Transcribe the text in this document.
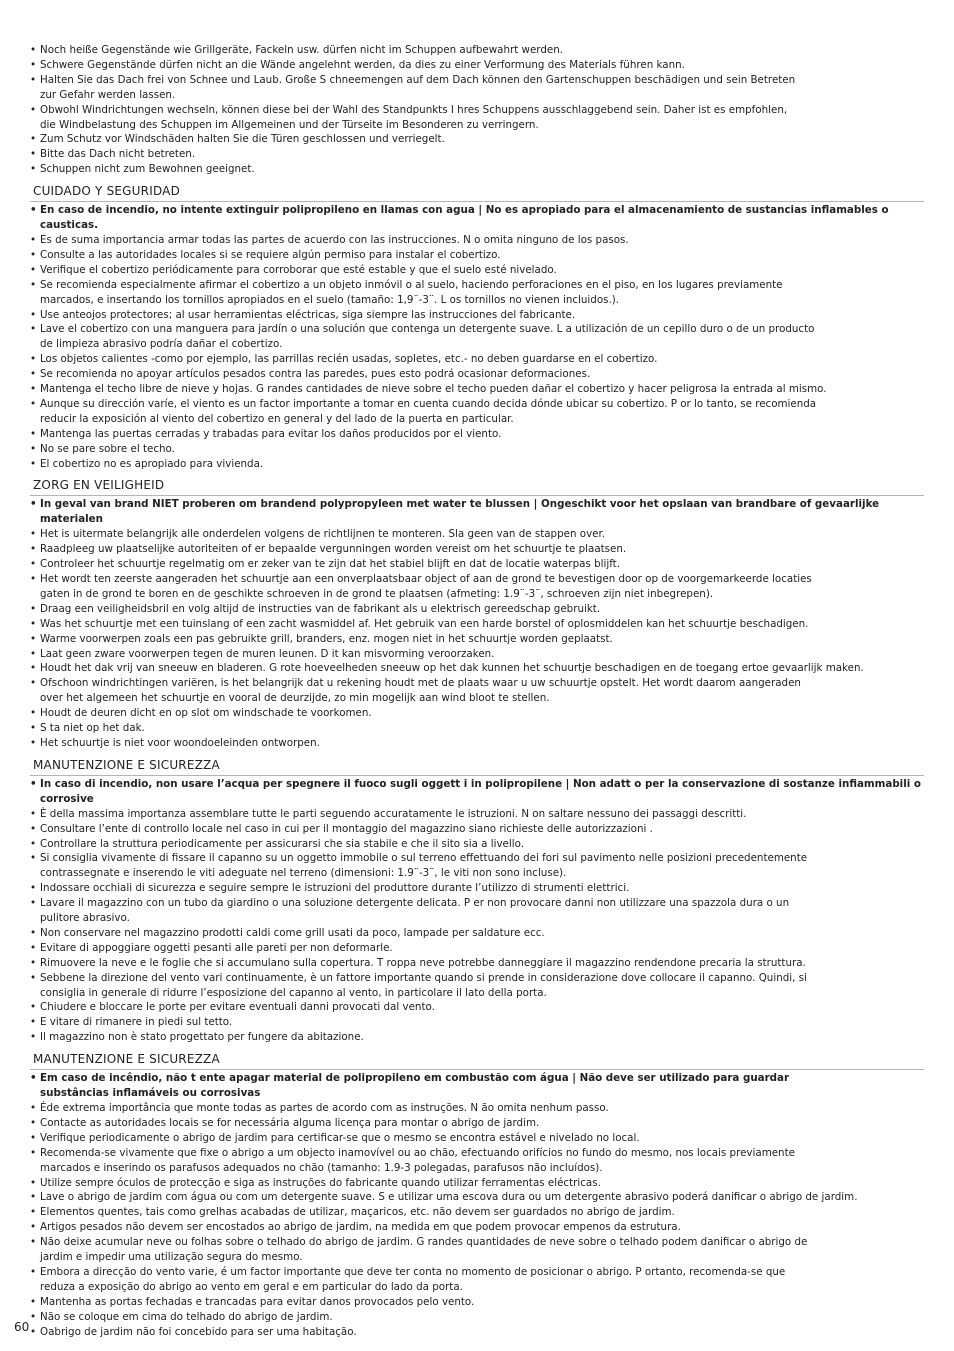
• Noch heiße Gegenstände wie Grillgeräte, Fackeln usw. dürfen nicht im Schuppen aufbewahrt werden.
• Schwere Gegenstände dürfen nicht an die Wände angelehnt werden, da dies zu einer Verformung des Materials führen kann.
• Halten Sie das Dach frei von Schnee und Laub. Große S chneemengen auf dem Dach können den Gartenschuppen beschädigen und sein Betreten
zur Gefahr werden lassen.
• Obwohl Windrichtungen wechseln, können diese bei der Wahl des Standpunkts I hres Schuppens ausschlaggebend sein. Daher ist es empfohlen,
die Windbelastung des Schuppen im Allgemeinen und der Türseite im Besonderen zu verringern.
• Zum Schutz vor Windschäden halten Sie die Türen geschlossen und verriegelt.
• Bitte das Dach nicht betreten.
• Schuppen nicht zum Bewohnen geeignet.
CUIDADO Y SEGURIDAD
• En caso de incendio, no intente extinguir polipropileno en llamas con agua | No es apropiado para el almacenamiento de sustancias inflamables o causticas.
• Es de suma importancia armar todas las partes de acuerdo con las instrucciones. N o omita ninguno de los pasos.
• Consulte a las autoridades locales si se requiere algún permiso para instalar el cobertizo.
• Verifique el cobertizo periódicamente para corroborar que esté estable y que el suelo esté nivelado.
• Se recomienda especialmente afirmar el cobertizo a un objeto inmóvil o al suelo, haciendo perforaciones en el piso, en los lugares previamente
marcados, e insertando los tornillos apropiados en el suelo (tamaño: 1,9¨-3¨. L os tornillos no vienen incluidos.).
• Use anteojos protectores; al usar herramientas eléctricas, siga siempre las instrucciones del fabricante.
• Lave el cobertizo con una manguera para jardín o una solución que contenga un detergente suave. L a utilización de un cepillo duro o de un producto
de limpieza abrasivo podría dañar el cobertizo.
• Los objetos calientes -como por ejemplo, las parrillas recién usadas, sopletes, etc.- no deben guardarse en el cobertizo.
• Se recomienda no apoyar artículos pesados contra las paredes, pues esto podrá ocasionar deformaciones.
• Mantenga el techo libre de nieve y hojas. G randes cantidades de nieve sobre el techo pueden dañar el cobertizo y hacer peligrosa la entrada al mismo.
• Aunque su dirección varíe, el viento es un factor importante a tomar en cuenta cuando decida dónde ubicar su cobertizo. P or lo tanto, se recomienda
reducir la exposición al viento del cobertizo en general y del lado de la puerta en particular.
• Mantenga las puertas cerradas y trabadas para evitar los daños producidos por el viento.
• No se pare sobre el techo.
• El cobertizo no es apropiado para vivienda.
ZORG EN VEILIGHEID
• In geval van brand NIET proberen om brandend polypropyleen met water te blussen | Ongeschikt voor het opslaan van brandbare of gevaarlijke materialen
• Het is uitermate belangrijk alle onderdelen volgens de richtlijnen te monteren. Sla geen van de stappen over.
• Raadpleeg uw plaatselijke autoriteiten of er bepaalde vergunningen worden vereist om het schuurtje te plaatsen.
• Controleer het schuurtje regelmatig om er zeker van te zijn dat het stabiel blijft en dat de locatie waterpas blijft.
• Het wordt ten zeerste aangeraden het schuurtje aan een onverplaatsbaar object of aan de grond te bevestigen door op de voorgemarkeerde locaties
gaten in de grond te boren en de geschikte schroeven in de grond te plaatsen (afmeting: 1.9¨-3¨, schroeven zijn niet inbegrepen).
• Draag een veiligheidsbril en volg altijd de instructies van de fabrikant als u elektrisch gereedschap gebruikt.
• Was het schuurtje met een tuinslang of een zacht wasmiddel af. Het gebruik van een harde borstel of oplosmiddelen kan het schuurtje beschadigen.
• Warme voorwerpen zoals een pas gebruikte grill, branders, enz. mogen niet in het schuurtje worden geplaatst.
• Laat geen zware voorwerpen tegen de muren leunen. D it kan misvorming veroorzaken.
• Houdt het dak vrij van sneeuw en bladeren. G rote hoeveelheden sneeuw op het dak kunnen het schuurtje beschadigen en de toegang ertoe gevaarlijk maken.
• Ofschoon windrichtingen variëren, is het belangrijk dat u rekening houdt met de plaats waar u uw schuurtje opstelt. Het wordt daarom aangeraden
over het algemeen het schuurtje en vooral de deurzijde, zo min mogelijk aan wind bloot te stellen.
• Houdt de deuren dicht en op slot om windschade te voorkomen.
• S ta niet op het dak.
• Het schuurtje is niet voor woondoeleinden ontworpen.
MANUTENZIONE E SICUREZZA
• In caso di incendio, non usare l’acqua per spegnere il fuoco sugli oggett i in polipropilene | Non adatt o per la conservazione di sostanze infiammabili o corrosive
• È della massima importanza assemblare tutte le parti seguendo accuratamente le istruzioni. N on saltare nessuno dei passaggi descritti.
• Consultare l’ente di controllo locale nel caso in cui per il montaggio del magazzino siano richieste delle autorizzazioni .
• Controllare la struttura periodicamente per assicurarsi che sia stabile e che il sito sia a livello.
• Si consiglia vivamente di fissare il capanno su un oggetto immobile o sul terreno effettuando dei fori sul pavimento nelle posizioni precedentemente
contrassegnate e inserendo le viti adeguate nel terreno (dimensioni: 1.9¨-3¨, le viti non sono incluse).
• Indossare occhiali di sicurezza e seguire sempre le istruzioni del produttore durante l’utilizzo di strumenti elettrici.
• Lavare il magazzino con un tubo da giardino o una soluzione detergente delicata. P er non provocare danni non utilizzare una spazzola dura o un
pulitore abrasivo.
• Non conservare nel magazzino prodotti caldi come grill usati da poco, lampade per saldature ecc.
• Evitare di appoggiare oggetti pesanti alle pareti per non deformarle.
• Rimuovere la neve e le foglie che si accumulano sulla copertura. T roppa neve potrebbe danneggiare il magazzino rendendone precaria la struttura.
• Sebbene la direzione del vento vari continuamente, è un fattore importante quando si prende in considerazione dove collocare il capanno. Quindi, si
consiglia in generale di ridurre l’esposizione del capanno al vento, in particolare il lato della porta.
• Chiudere e bloccare le porte per evitare eventuali danni provocati dal vento.
• E vitare di rimanere in piedi sul tetto.
• Il magazzino non è stato progettato per fungere da abitazione.
MANUTENZIONE E SICUREZZA
• Em caso de incêndio, não t ente apagar material de polipropileno em combustão com água | Não deve ser utilizado para guardar
substâncias inflamáveis ou corrosivas
• Éde extrema importância que monte todas as partes de acordo com as instruções. N ão omita nenhum passo.
• Contacte as autoridades locais se for necessária alguma licença para montar o abrigo de jardim.
• Verifique periodicamente o abrigo de jardim para certificar-se que o mesmo se encontra estável e nivelado no local.
• Recomenda-se vivamente que fixe o abrigo a um objecto inamovível ou ao chão, efectuando orifícios no fundo do mesmo, nos locais previamente
marcados e inserindo os parafusos adequados no chão (tamanho: 1.9-3 polegadas, parafusos não incluídos).
• Utilize sempre óculos de protecção e siga as instruções do fabricante quando utilizar ferramentas eléctricas.
• Lave o abrigo de jardim com água ou com um detergente suave. S e utilizar uma escova dura ou um detergente abrasivo poderá danificar o abrigo de jardim.
• Elementos quentes, tais como grelhas acabadas de utilizar, maçaricos, etc. não devem ser guardados no abrigo de jardim.
• Artigos pesados não devem ser encostados ao abrigo de jardim, na medida em que podem provocar empenos da estrutura.
• Não deixe acumular neve ou folhas sobre o telhado do abrigo de jardim. G randes quantidades de neve sobre o telhado podem danificar o abrigo de
jardim e impedir uma utilização segura do mesmo.
• Embora a direcção do vento varie, é um factor importante que deve ter conta no momento de posicionar o abrigo. P ortanto, recomenda-se que
reduza a exposição do abrigo ao vento em geral e em particular do lado da porta.
• Mantenha as portas fechadas e trancadas para evitar danos provocados pelo vento.
• Não se coloque em cima do telhado do abrigo de jardim.
• Oabrigo de jardim não foi concebido para ser uma habitação.
60
